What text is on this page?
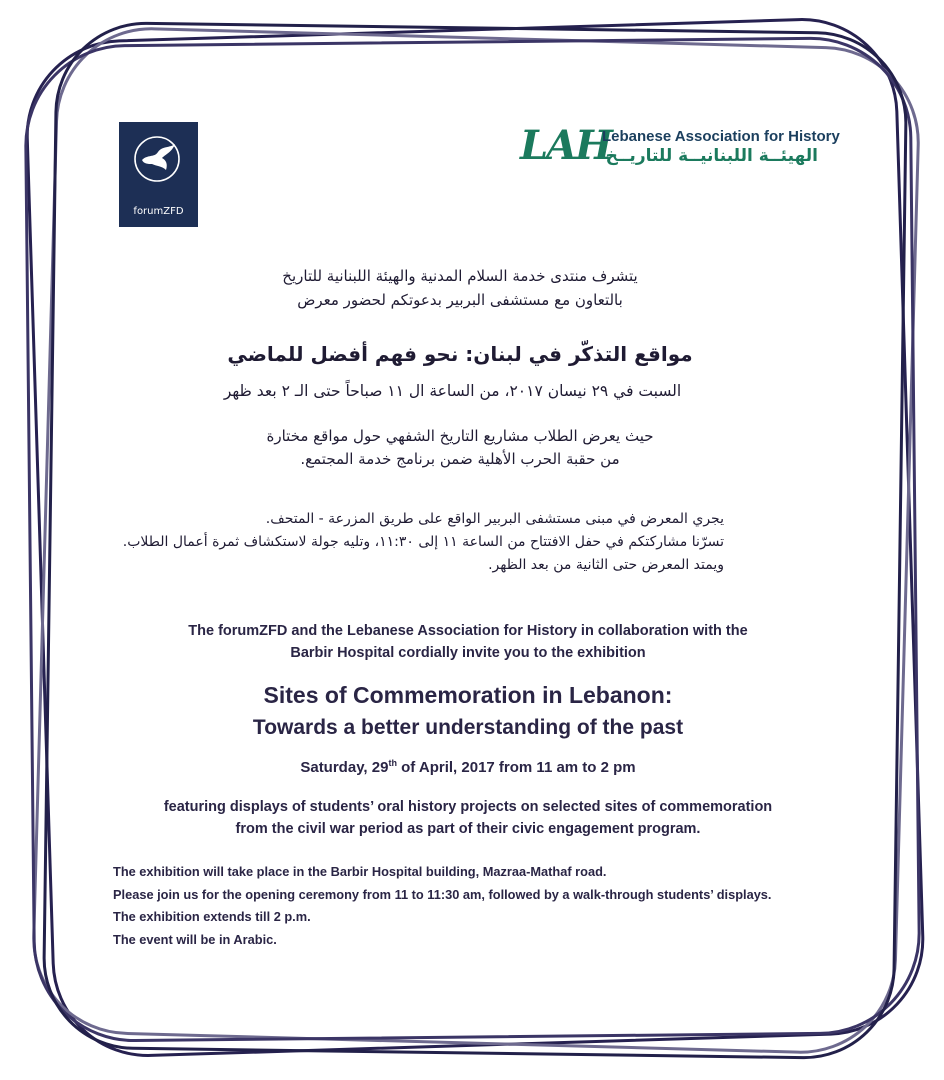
forumZFD
LAH
Lebanese Association for History
الهيئــة اللبنانيــة للتاريــخ
يتشرف منتدى خدمة السلام المدنية والهيئة اللبنانية للتاريخ
بالتعاون مع مستشفى البربير بدعوتكم لحضور معرض
مواقع التذكّر في لبنان: نحو فهم أفضل للماضي
السبت في ٢٩ نيسان ٢٠١٧، من الساعة ال ١١ صباحاً حتى الـ ٢ بعد ظهر
حيث يعرض الطلاب مشاريع التاريخ الشفهي حول مواقع مختارة
من حقبة الحرب الأهلية ضمن برنامج خدمة المجتمع.
يجري المعرض في مبنى مستشفى البربير الواقع على طريق المزرعة - المتحف.
تسرّنا مشاركتكم في حفل الافتتاح من الساعة ١١ إلى ١١:٣٠، وتليه جولة لاستكشاف ثمرة أعمال الطلاب.
ويمتد المعرض حتى الثانية من بعد الظهر.
The forumZFD and the Lebanese Association for History in collaboration with the
Barbir Hospital cordially invite you to the exhibition
Sites of Commemoration in Lebanon:
Towards a better understanding of the past
Saturday, 29th of April, 2017 from 11 am to 2 pm
featuring displays of students’ oral history projects on selected sites of commemoration
from the civil war period as part of their civic engagement program.
The exhibition will take place in the Barbir Hospital building, Mazraa-Mathaf road.
Please join us for the opening ceremony from 11 to 11:30 am, followed by a walk-through students’ displays.
The exhibition extends till 2 p.m.
The event will be in Arabic.
